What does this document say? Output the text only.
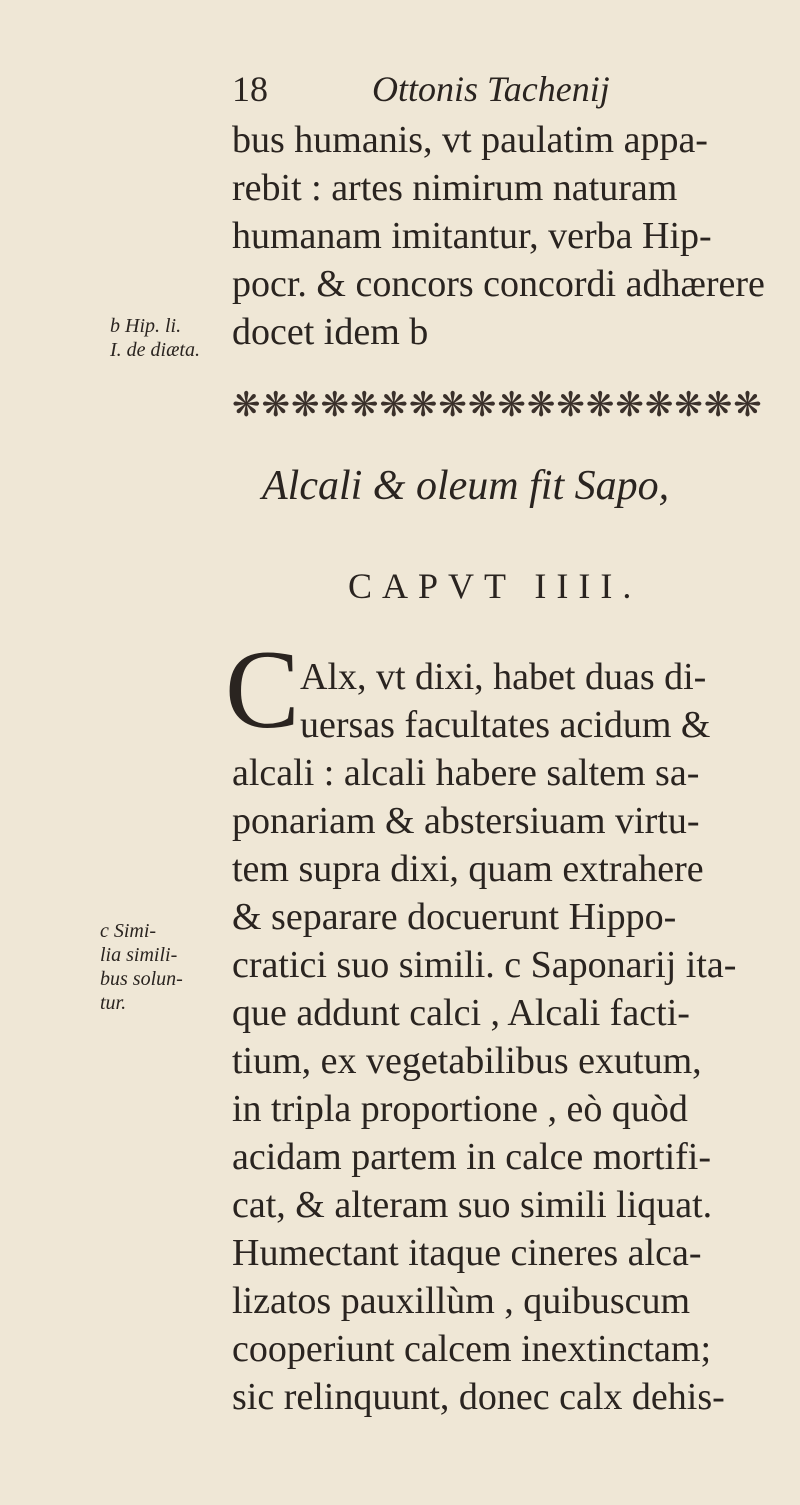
18	Ottonis Tachenij
bus humanis, vt paulatim appa-
rebit : artes nimirum naturam
humanam imitantur, verba Hip-
pocr. & concors concordi adhærere
docet idem b
b Hip. li.
I. de diæta.
❋❋❋❋❋❋❋❋❋❋❋❋❋❋❋❋❋❋
Alcali & oleum fit Sapo,
CAPVT IIII.
C Alx, vt dixi, habet duas di-
uersas facultates acidum &
alcali : alcali habere saltem sa-
ponariam & abstersiuam virtu-
tem supra dixi, quam extrahere
& separare docuerunt Hippo-
cratici suo simili. c Saponarij ita-
que addunt calci , Alcali facti-
tium, ex vegetabilibus exutum,
in tripla proportione , eò quòd
acidam partem in calce mortifi-
cat, & alteram suo simili liquat.
Humectant itaque cineres alca-
lizatos pauxillùm , quibuscum
cooperiunt calcem inextinctam;
sic relinquunt, donec calx dehis-
c Simi-
lia simili-
bus solun-
tur.
